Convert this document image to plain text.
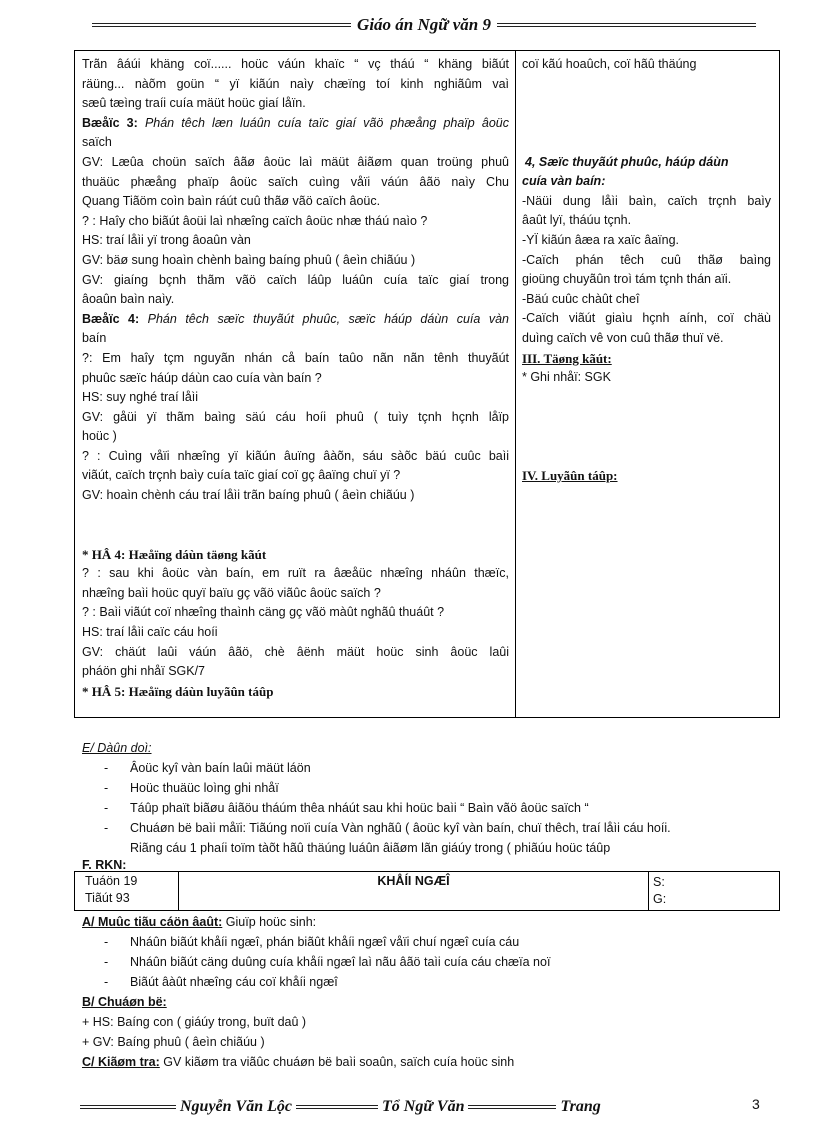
Giáo án Ngữ văn 9
Trãn âáúi khäng coï...... hoüc váún khaïc “ vç tháú “ khäng biãút
räüng... nàõm goün “ yï kiãún naìy chæïng toí kinh nghiãûm vaì
sæû tæìng traíi cuía mäüt hoüc giaí låïn.
Bæåïc 3: Phán têch læn luáûn cuía taïc giaí vãö phæång phaïp âoüc
saïch
GV: Læûa choün saïch âãø âoüc laì mäüt âiãøm quan troüng phuû
thuäüc phæång phaïp âoüc saïch cuìng våïi váún âãö naìy Chu
Quang Tiãöm coìn baìn ráút cuû thãø vãö caïch âoüc.
? : Haîy cho biãút âoüi laì nhæîng caïch âoüc nhæ tháú naìo ?
HS: traí låìi yï trong âoaûn vàn
GV: bäø sung hoaìn chènh baìng baíng phuû ( âeìn chiãúu )
GV: giaíng bçnh thãm vãö caïch láûp luáûn cuía taïc giaí trong
âoaûn baìn naìy.
Bæåïc 4: Phán têch sæïc thuyãút phuûc, sæïc háúp dáùn cuía vàn
baín
?: Em haîy tçm nguyãn nhán cå baín taûo nãn nãn tênh thuyãút
phuûc sæïc háúp dáùn cao cuía vàn baín ?
HS: suy nghé traí låìi
GV: gåüi yï thãm baìng säú cáu hoíi phuû ( tuìy tçnh hçnh låïp
hoüc )
? : Cuìng våïi nhæîng yï kiãún âuïng âàõn, sáu sàõc bäú cuûc baìi
viãút, caïch trçnh baìy cuía taïc giaí coï gç âaïng chuï yï ?
GV: hoaìn chènh cáu traí låìi trãn baíng phuû ( âeìn chiãúu )
* HÂ 4: Hæåïng dáùn täøng kãút
? : sau khi âoüc vàn baín, em ruït ra âæåüc nhæîng nháûn thæïc,
nhæîng baìi hoüc quyï baïu gç vãö viãûc âoüc saïch ?
? : Baìi viãút coï nhæîng thaình cäng gç vãö màût nghãû thuáût ?
HS: traí låìi caïc cáu hoíi
GV: chäút laûi váún âãö, chè âënh mäüt hoüc sinh âoüc laûi
pháön ghi nhåï SGK/7
* HÂ 5: Hæåïng dáùn luyãûn táûp
coï kãú hoaûch, coï hãû thäúng
4, Sæïc thuyãút phuûc, háúp dáùn
cuía vàn baín:
-Näüi dung låìi baìn, caïch trçnh baìy
âaût lyï, tháúu tçnh.
-YÏ kiãún âæa ra xaïc âaïng.
-Caïch phán têch cuû thãø baìng
gioüng chuyãûn troì tám tçnh thán aïi.
-Bäú cuûc chàût cheî
-Caïch viãút giaìu hçnh aính, coï chäù
duìng caïch vê von cuû thãø thuï vë.
III. Täøng kãút:
* Ghi nhåï: SGK
IV. Luyãûn táûp:
E/ Dàûn doì:
-	Âoüc kyî vàn baín laûi mäüt láön
-	Hoüc thuäüc loìng ghi nhåï
-	Táûp phaït biãøu âiãöu tháúm thêa nháút sau khi hoüc baìi “ Baìn vãö âoüc saïch “
-	Chuáøn bë baìi måïi: Tiãúng noïi cuía Vàn nghãû ( âoüc kyî vàn baín, chuï thêch, traí låìi cáu hoíi.
Riãng cáu 1 phaíi toïm tàõt hãû thäúng luáûn âiãøm lãn giáúy trong ( phiãúu hoüc táûp
F. RKN:
Tuáön 19
Tiãút 93
KHÅÍI NGÆÎ	S:
G:
A/ Muûc tiãu cáön âaût: Giuïp hoüc sinh:
-	Nháûn biãút khåíi ngæî, phán biãût khåíi ngæî våïi chuí ngæî cuía cáu
-	Nháûn biãút cäng duûng cuía khåíi ngæî laì nãu âãö taìi cuía cáu chæïa noï
-	Biãút âàût nhæîng cáu coï khåíi ngæî
B/ Chuáøn bë:
+ HS: Baíng con ( giáúy trong, buït daû )
+ GV: Baíng phuû ( âeìn chiãúu )
C/ Kiãøm tra: GV kiãøm tra viãûc chuáøn bë baìi soaûn, saïch cuía hoüc sinh
Nguyễn Văn Lộc	Tổ Ngữ Văn	Trang	3
